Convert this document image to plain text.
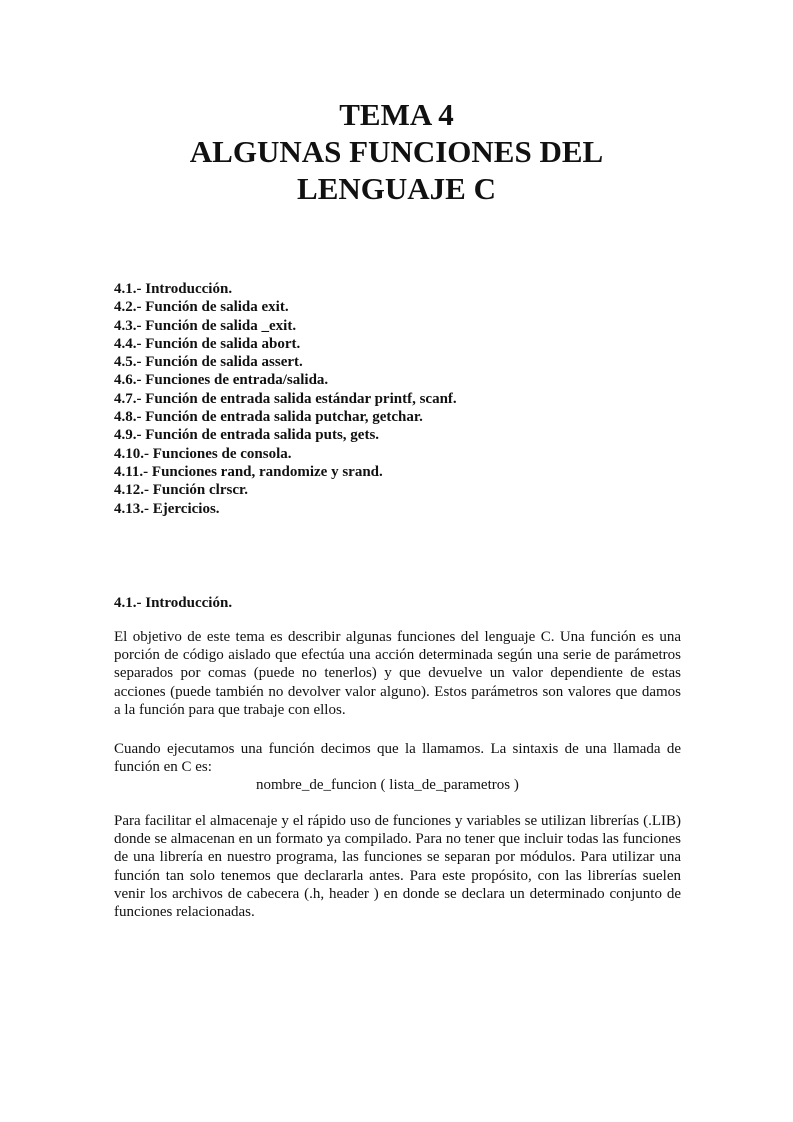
TEMA 4
ALGUNAS FUNCIONES DEL
LENGUAJE C
4.1.- Introducción.
4.2.- Función de salida exit.
4.3.- Función de salida _exit.
4.4.- Función de salida abort.
4.5.- Función de salida assert.
4.6.- Funciones de entrada/salida.
4.7.- Función de entrada salida estándar printf, scanf.
4.8.- Función de entrada salida putchar, getchar.
4.9.- Función de entrada salida puts, gets.
4.10.- Funciones de consola.
4.11.- Funciones rand, randomize y srand.
4.12.- Función clrscr.
4.13.- Ejercicios.
4.1.- Introducción.

El objetivo de este tema es describir algunas funciones del lenguaje C. Una función es una porción de código aislado que efectúa una acción determinada según una serie de parámetros separados por comas (puede no tenerlos) y que devuelve un valor dependiente de estas acciones (puede también no devolver valor alguno). Estos parámetros son valores que damos a la función para que trabaje con ellos.

Cuando ejecutamos una función decimos que la llamamos. La sintaxis de una llamada de función en C es:

nombre_de_funcion ( lista_de_parametros )

Para facilitar el almacenaje y el rápido uso de funciones y variables se utilizan librerías (.LIB) donde se almacenan en un formato ya compilado. Para no tener que incluir todas las funciones de una librería en nuestro programa, las funciones se separan por módulos. Para utilizar una función tan solo tenemos que declararla antes. Para este propósito, con las librerías suelen venir los archivos de cabecera (.h, header ) en donde se declara un determinado conjunto de funciones relacionadas.
